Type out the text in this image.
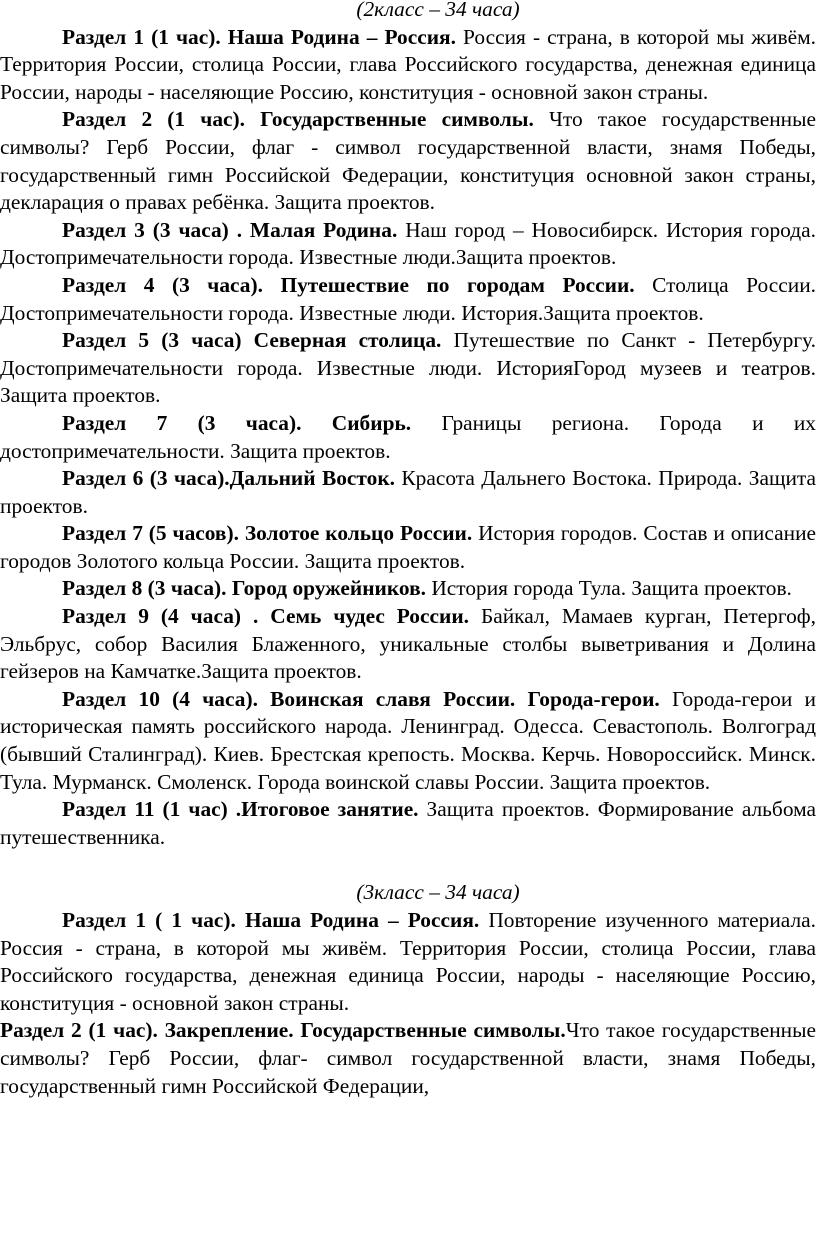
(2класс – 34 часа)

Раздел 1 (1 час). Наша Родина – Россия. Россия - страна, в которой мы живём. Территория России, столица России, глава Российского государства, денежная единица России, народы - населяющие Россию, конституция - основной закон страны.

Раздел 2 (1 час). Государственные символы. Что такое государственные символы? Герб России, флаг - символ государственной власти, знамя Победы, государственный гимн Российской Федерации, конституция основной закон страны, декларация о правах ребёнка. Защита проектов.

Раздел 3 (3 часа) . Малая Родина. Наш город – Новосибирск. История города. Достопримечательности города. Известные люди.Защита проектов.

Раздел 4 (3 часа). Путешествие по городам России. Столица России. Достопримечательности города. Известные люди. История.Защита проектов.

Раздел 5 (3 часа) Северная столица. Путешествие по Санкт - Петербургу. Достопримечательности города. Известные люди. ИсторияГород музеев и театров. Защита проектов.

Раздел 7 (3 часа). Сибирь. Границы региона. Города и их достопримечательности. Защита проектов.

Раздел 6 (3 часа).Дальний Восток. Красота Дальнего Востока. Природа. Защита проектов.

Раздел 7 (5 часов). Золотое кольцо России. История городов. Состав и описание городов Золотого кольца России. Защита проектов.

Раздел 8 (3 часа). Город оружейников. История города Тула. Защита проектов.

Раздел 9 (4 часа) . Семь чудес России. Байкал, Мамаев курган, Петергоф, Эльбрус, собор Василия Блаженного, уникальные столбы выветривания и Долина гейзеров на Камчатке.Защита проектов.

Раздел 10 (4 часа). Воинская славя России. Города-герои. Города-герои и историческая память российского народа. Ленинград. Одесса. Севастополь. Волгоград (бывший Сталинград). Киев. Брестская крепость. Москва. Керчь. Новороссийск. Минск. Тула. Мурманск. Смоленск. Города воинской славы России. Защита проектов.

Раздел 11 (1 час) .Итоговое занятие. Защита проектов. Формирование альбома путешественника.

(3класс – 34 часа)

Раздел 1 ( 1 час). Наша Родина – Россия. Повторение изученного материала. Россия - страна, в которой мы живём. Территория России, столица России, глава Российского государства, денежная единица России, народы - населяющие Россию, конституция - основной закон страны.

Раздел 2 (1 час). Закрепление. Государственные символы.Что такое государственные символы? Герб России, флаг- символ государственной власти, знамя Победы, государственный гимн Российской Федерации,
